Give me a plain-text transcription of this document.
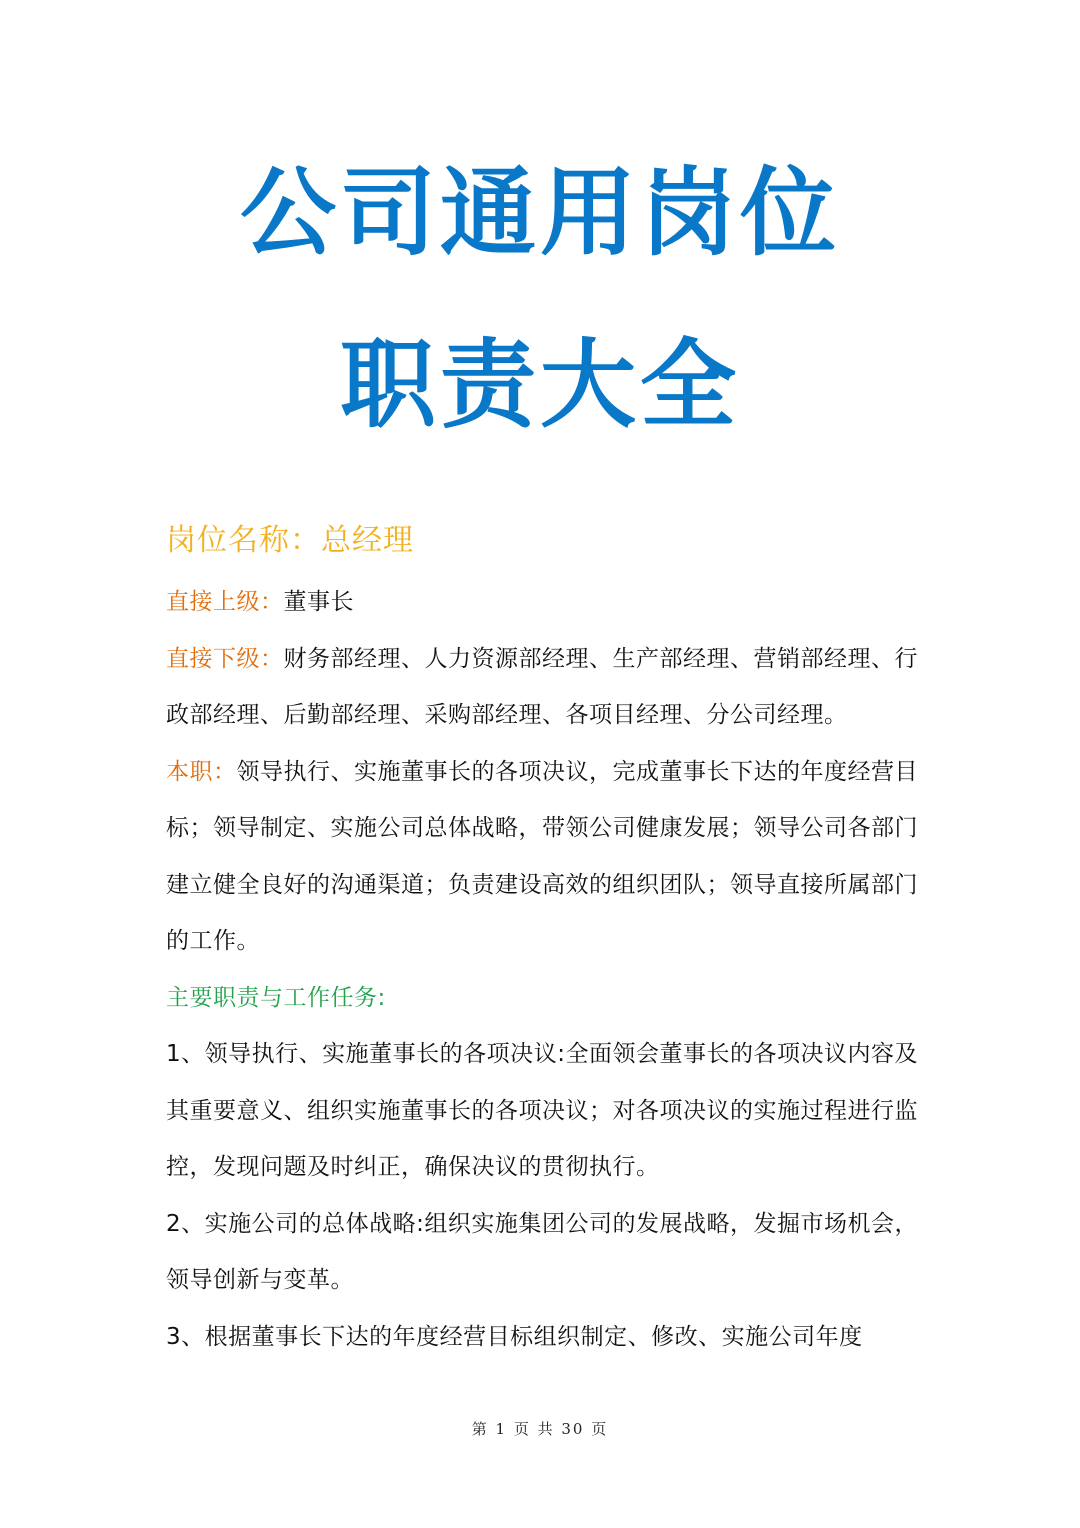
公司通用岗位
职责大全

岗位名称：总经理

直接上级：董事长

直接下级：财务部经理、人力资源部经理、生产部经理、营销部经理、行政部经理、后勤部经理、采购部经理、各项目经理、分公司经理。

本职：领导执行、实施董事长的各项决议，完成董事长下达的年度经营目标；领导制定、实施公司总体战略，带领公司健康发展；领导公司各部门建立健全良好的沟通渠道；负责建设高效的组织团队；领导直接所属部门的工作。

主要职责与工作任务:

1、领导执行、实施董事长的各项决议:全面领会董事长的各项决议内容及其重要意义、组织实施董事长的各项决议；对各项决议的实施过程进行监控，发现问题及时纠正，确保决议的贯彻执行。

2、实施公司的总体战略:组织实施集团公司的发展战略，发掘市场机会，领导创新与变革。

3、根据董事长下达的年度经营目标组织制定、修改、实施公司年度

第 1 页 共 30 页
